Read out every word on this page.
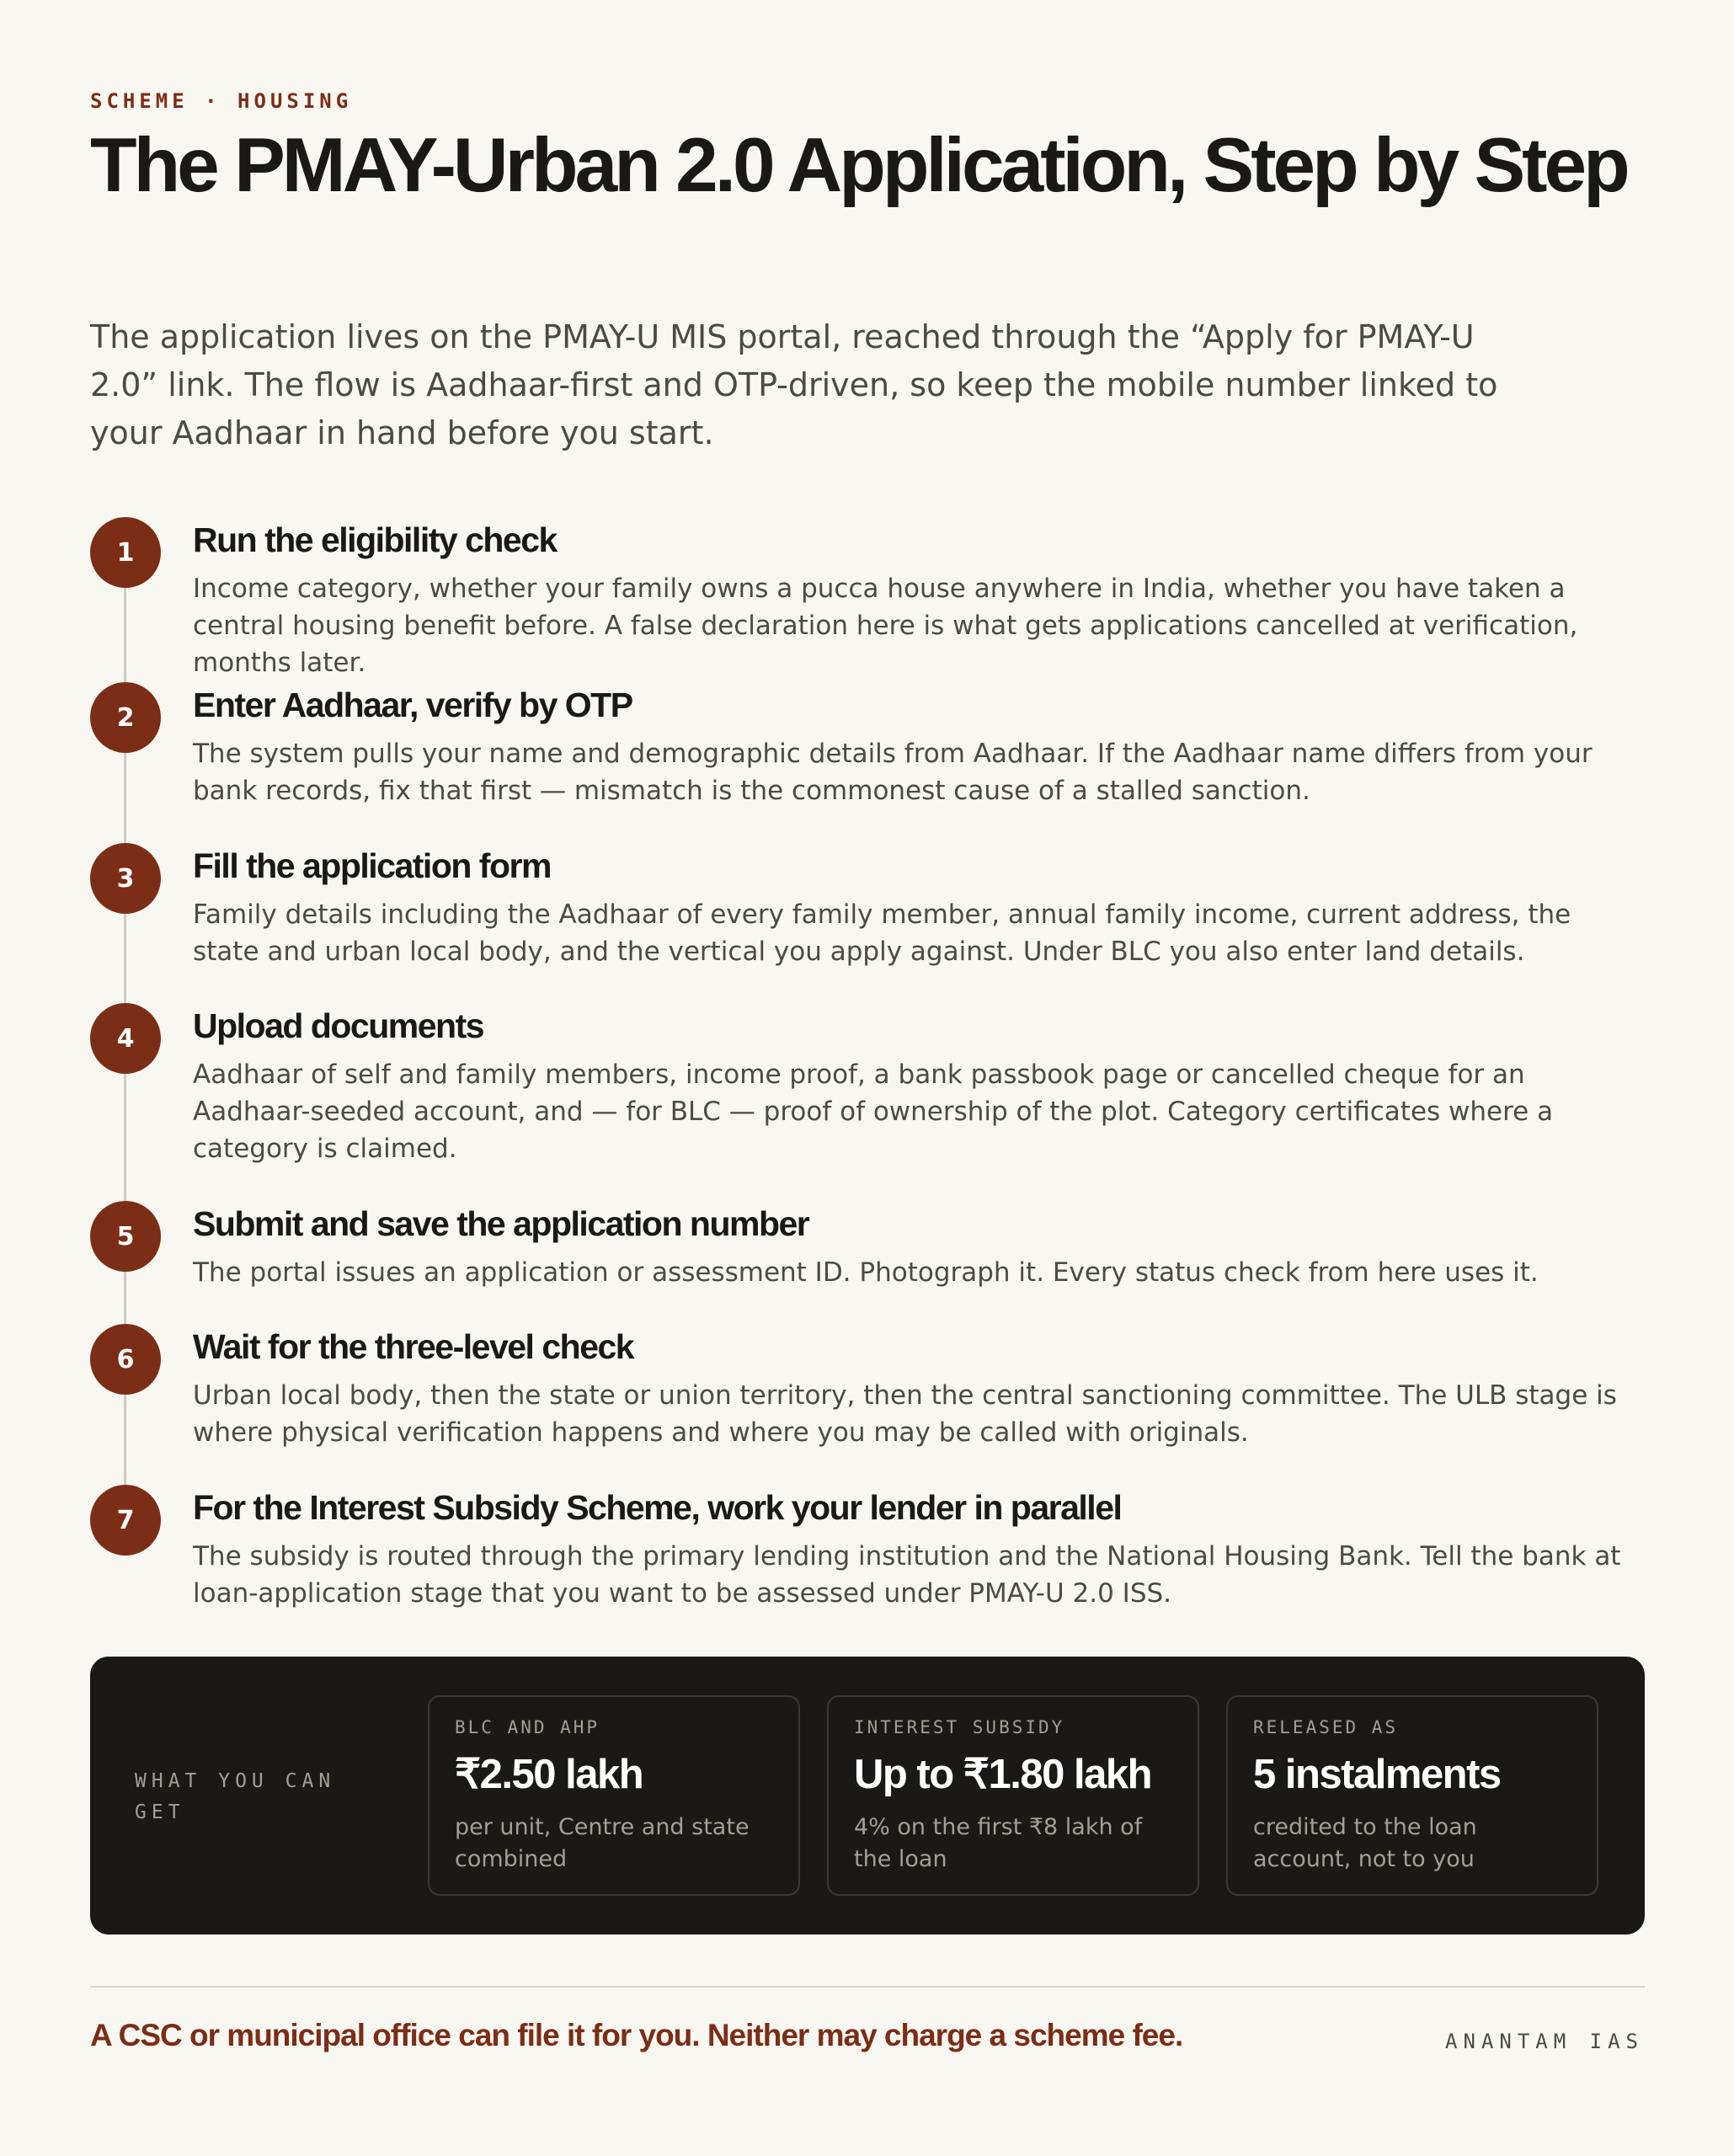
SCHEME · HOUSING
The PMAY-Urban 2.0 Application, Step by Step

The application lives on the PMAY-U MIS portal, reached through the “Apply for PMAY-U 2.0” link. The flow is Aadhaar-first and OTP-driven, so keep the mobile number linked to your Aadhaar in hand before you start.

1	Run the eligibility check

Income category, whether your family owns a pucca house anywhere in India, whether you have taken a central housing benefit before. A false declaration here is what gets applications cancelled at verification, months later.

2	Enter Aadhaar, verify by OTP

The system pulls your name and demographic details from Aadhaar. If the Aadhaar name differs from your bank records, fix that first — mismatch is the commonest cause of a stalled sanction.

3	Fill the application form

Family details including the Aadhaar of every family member, annual family income, current address, the state and urban local body, and the vertical you apply against. Under BLC you also enter land details.

4	Upload documents

Aadhaar of self and family members, income proof, a bank passbook page or cancelled cheque for an Aadhaar-seeded account, and — for BLC — proof of ownership of the plot. Category certificates where a category is claimed.

5	Submit and save the application number

The portal issues an application or assessment ID. Photograph it. Every status check from here uses it.

6	Wait for the three-level check

Urban local body, then the state or union territory, then the central sanctioning committee. The ULB stage is where physical verification happens and where you may be called with originals.

7	For the Interest Subsidy Scheme, work your lender in parallel

The subsidy is routed through the primary lending institution and the National Housing Bank. Tell the bank at loan-application stage that you want to be assessed under PMAY-U 2.0 ISS.

WHAT YOU CAN GET
BLC AND AHP
₹2.50 lakh
per unit, Centre and state combined
INTEREST SUBSIDY
Up to ₹1.80 lakh
4% on the first ₹8 lakh of the loan
RELEASED AS
5 instalments
credited to the loan account, not to you
A CSC or municipal office can file it for you. Neither may charge a scheme fee.	ANANTAM IAS
